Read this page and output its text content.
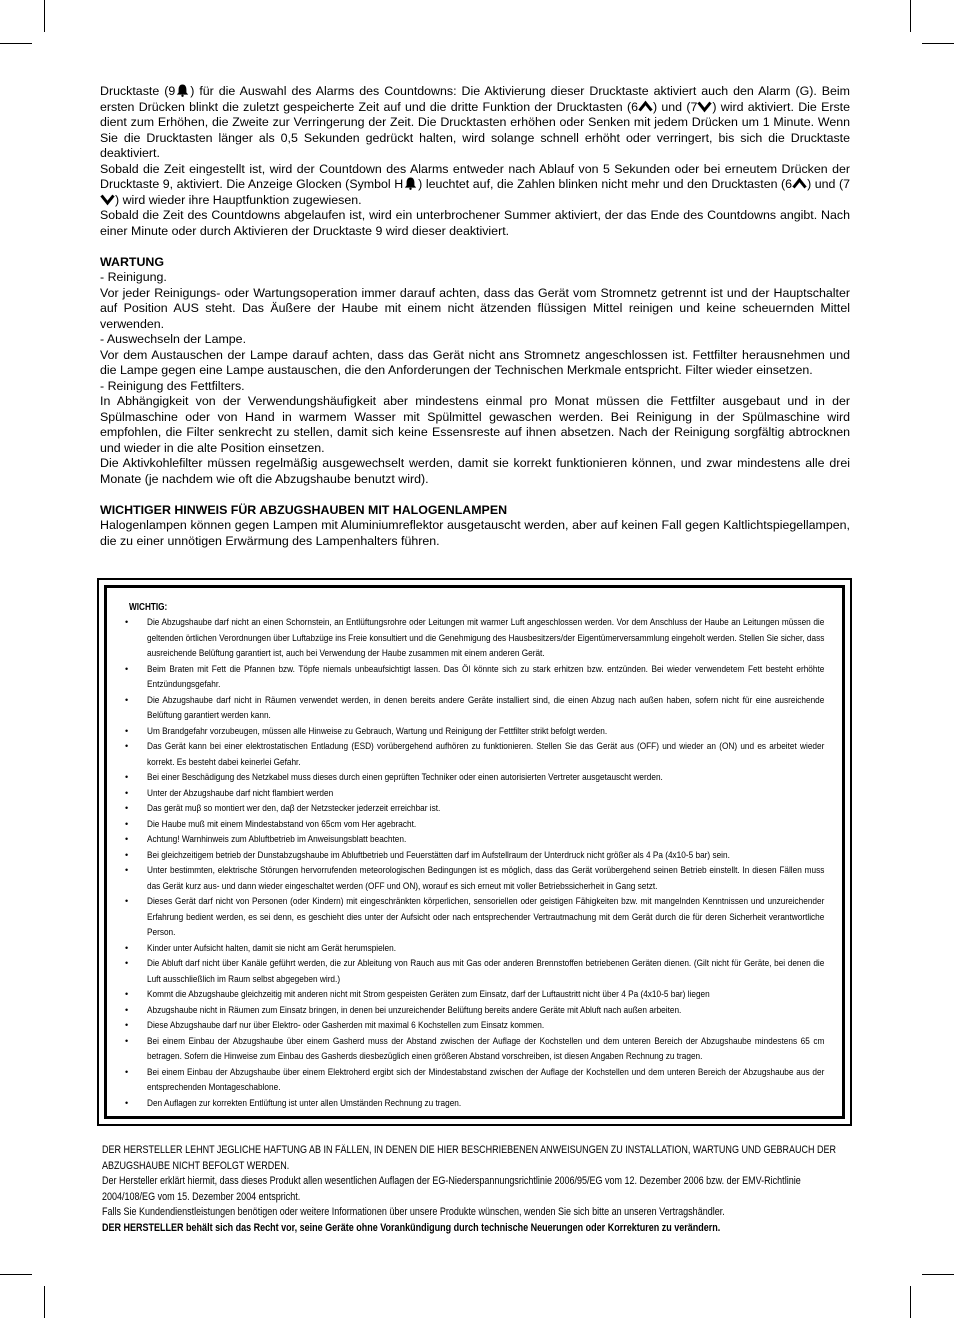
Drucktaste (9 ) für die Auswahl des Alarms des Countdowns: Die Aktivierung dieser Drucktaste aktiviert auch den Alarm (G). Beim ersten Drücken blinkt die zuletzt gespeicherte Zeit auf und die dritte Funktion der Drucktasten (6 ) und (7 ) wird aktiviert. Die Erste dient zum Erhöhen, die Zweite zur Verringerung der Zeit. Die Drucktasten erhöhen oder Senken mit jedem Drücken um 1 Minute. Wenn Sie die Drucktasten länger als 0,5 Sekunden gedrückt halten, wird solange schnell erhöht oder verringert, bis sich die Drucktaste deaktiviert.

Sobald die Zeit eingestellt ist, wird der Countdown des Alarms entweder nach Ablauf von 5 Sekunden oder bei erneutem Drücken der Drucktaste 9, aktiviert. Die Anzeige Glocken (Symbol H ) leuchtet auf, die Zahlen blinken nicht mehr und den Drucktasten (6 ) und (7
) wird wieder ihre Hauptfunktion zugewiesen.

Sobald die Zeit des Countdowns abgelaufen ist, wird ein unterbrochener Summer aktiviert, der das Ende des Countdowns angibt. Nach einer Minute oder durch Aktivieren der Drucktaste 9 wird dieser deaktiviert.

WARTUNG

- Reinigung.

Vor jeder Reinigungs- oder Wartungsoperation immer darauf achten, dass das Gerät vom Stromnetz getrennt ist und der Hauptschalter auf Position AUS steht. Das Äußere der Haube mit einem nicht ätzenden flüssigen Mittel reinigen und keine scheuernden Mittel verwenden.

- Auswechseln der Lampe.

Vor dem Austauschen der Lampe darauf achten, dass das Gerät nicht ans Stromnetz angeschlossen ist. Fettfilter herausnehmen und die Lampe gegen eine Lampe austauschen, die den Anforderungen der Technischen Merkmale entspricht. Filter wieder einsetzen.

- Reinigung des Fettfilters.

In Abhängigkeit von der Verwendungshäufigkeit aber mindestens einmal pro Monat müssen die Fettfilter ausgebaut und in der Spülmaschine oder von Hand in warmem Wasser mit Spülmittel gewaschen werden. Bei Reinigung in der Spülmaschine wird empfohlen, die Filter senkrecht zu stellen, damit sich keine Essensreste auf ihnen absetzen. Nach der Reinigung sorgfältig abtrocknen und wieder in die alte Position einsetzen.

Die Aktivkohlefilter müssen regelmäßig ausgewechselt werden, damit sie korrekt funktionieren können, und zwar mindestens alle drei Monate (je nachdem wie oft die Abzugshaube benutzt wird).

WICHTIGER HINWEIS FÜR ABZUGSHAUBEN MIT HALOGENLAMPEN

Halogenlampen können gegen Lampen mit Aluminiumreflektor ausgetauscht werden, aber auf keinen Fall gegen Kaltlichtspiegellampen, die zu einer unnötigen Erwärmung des Lampenhalters führen.

WICHTIG:
• Die Abzugshaube darf nicht an einen Schornstein, an Entlüftungsrohre oder Leitungen mit warmer Luft angeschlossen werden. Vor dem Anschluss der Haube an Leitungen müssen die geltenden örtlichen Verordnungen über Luftabzüge ins Freie konsultiert und die Genehmigung des Hausbesitzers/der Eigentümerversammlung eingeholt werden. Stellen Sie sicher, dass ausreichende Belüftung garantiert ist, auch bei Verwendung der Haube zusammen mit einem anderen Gerät.
• Beim Braten mit Fett die Pfannen bzw. Töpfe niemals unbeaufsichtigt lassen. Das Öl könnte sich zu stark erhitzen bzw. entzünden. Bei wieder verwendetem Fett besteht erhöhte Entzündungsgefahr.
• Die Abzugshaube darf nicht in Räumen verwendet werden, in denen bereits andere Geräte installiert sind, die einen Abzug nach außen haben, sofern nicht für eine ausreichende Belüftung garantiert werden kann.
• Um Brandgefahr vorzubeugen, müssen alle Hinweise zu Gebrauch, Wartung und Reinigung der Fettfilter strikt befolgt werden.
• Das Gerät kann bei einer elektrostatischen Entladung (ESD) vorübergehend aufhören zu funktionieren. Stellen Sie das Gerät aus (OFF) und wieder an (ON) und es arbeitet wieder korrekt. Es besteht dabei keinerlei Gefahr.
• Bei einer Beschädigung des Netzkabel muss dieses durch einen geprüften Techniker oder einen autorisierten Vertreter ausgetauscht werden.
• Unter der Abzugshaube darf nicht flambiert werden
• Das gerät muβ so montiert wer den, daβ der Netzstecker jederzeit erreichbar ist.
• Die Haube muß mit einem Mindestabstand von 65cm vom Her agebracht.
• Achtung! Warnhinweis zum Abluftbetrieb im Anweisungsblatt beachten.
• Bei gleichzeitigem betrieb der Dunstabzugshaube im Abluftbetrieb und Feuerstätten darf im Aufstellraum der Unterdruck nicht größer als 4 Pa (4x10-5 bar) sein.
• Unter bestimmten, elektrische Störungen hervorrufenden meteorologischen Bedingungen ist es möglich, dass das Gerät vorübergehend seinen Betrieb einstellt. In diesen Fällen muss das Gerät kurz aus- und dann wieder eingeschaltet werden (OFF und ON), worauf es sich erneut mit voller Betriebssicherheit in Gang setzt.
• Dieses Gerät darf nicht von Personen (oder Kindern) mit eingeschränkten körperlichen, sensoriellen oder geistigen Fähigkeiten bzw. mit mangelnden Kenntnissen und unzureichender Erfahrung bedient werden, es sei denn, es geschieht dies unter der Aufsicht oder nach entsprechender Vertrautmachung mit dem Gerät durch die für deren Sicherheit verantwortliche Person.
• Kinder unter Aufsicht halten, damit sie nicht am Gerät herumspielen.
• Die Abluft darf nicht über Kanäle geführt werden, die zur Ableitung von Rauch aus mit Gas oder anderen Brennstoffen betriebenen Geräten dienen. (Gilt nicht für Geräte, bei denen die Luft ausschließlich im Raum selbst abgegeben wird.)
• Kommt die Abzugshaube gleichzeitig mit anderen nicht mit Strom gespeisten Geräten zum Einsatz, darf der Luftaustritt nicht über 4 Pa (4x10-5 bar) liegen
• Abzugshaube nicht in Räumen zum Einsatz bringen, in denen bei unzureichender Belüftung bereits andere Geräte mit Abluft nach außen arbeiten.
• Diese Abzugshaube darf nur über Elektro- oder Gasherden mit maximal 6 Kochstellen zum Einsatz kommen.
• Bei einem Einbau der Abzugshaube über einem Gasherd muss der Abstand zwischen der Auflage der Kochstellen und dem unteren Bereich der Abzugshaube mindestens 65 cm betragen. Sofern die Hinweise zum Einbau des Gasherds diesbezüglich einen größeren Abstand vorschreiben, ist diesen Angaben Rechnung zu tragen.
• Bei einem Einbau der Abzugshaube über einem Elektroherd ergibt sich der Mindestabstand zwischen der Auflage der Kochstellen und dem unteren Bereich der Abzugshaube aus der entsprechenden Montageschablone.
• Den Auflagen zur korrekten Entlüftung ist unter allen Umständen Rechnung zu tragen.

DER HERSTELLER LEHNT JEGLICHE HAFTUNG AB IN FÄLLEN, IN DENEN DIE HIER BESCHRIEBENEN ANWEISUNGEN ZU INSTALLATION, WARTUNG UND GEBRAUCH DER ABZUGSHAUBE NICHT BEFOLGT WERDEN.

Der Hersteller erklärt hiermit, dass dieses Produkt allen wesentlichen Auflagen der EG-Niederspannungsrichtlinie 2006/95/EG vom 12. Dezember 2006 bzw. der EMV-Richtlinie 2004/108/EG vom 15. Dezember 2004 entspricht.

Falls Sie Kundendienstleistungen benötigen oder weitere Informationen über unsere Produkte wünschen, wenden Sie sich bitte an unseren Vertragshändler.

DER HERSTELLER behält sich das Recht vor, seine Geräte ohne Vorankündigung durch technische Neuerungen oder Korrekturen zu verändern.
